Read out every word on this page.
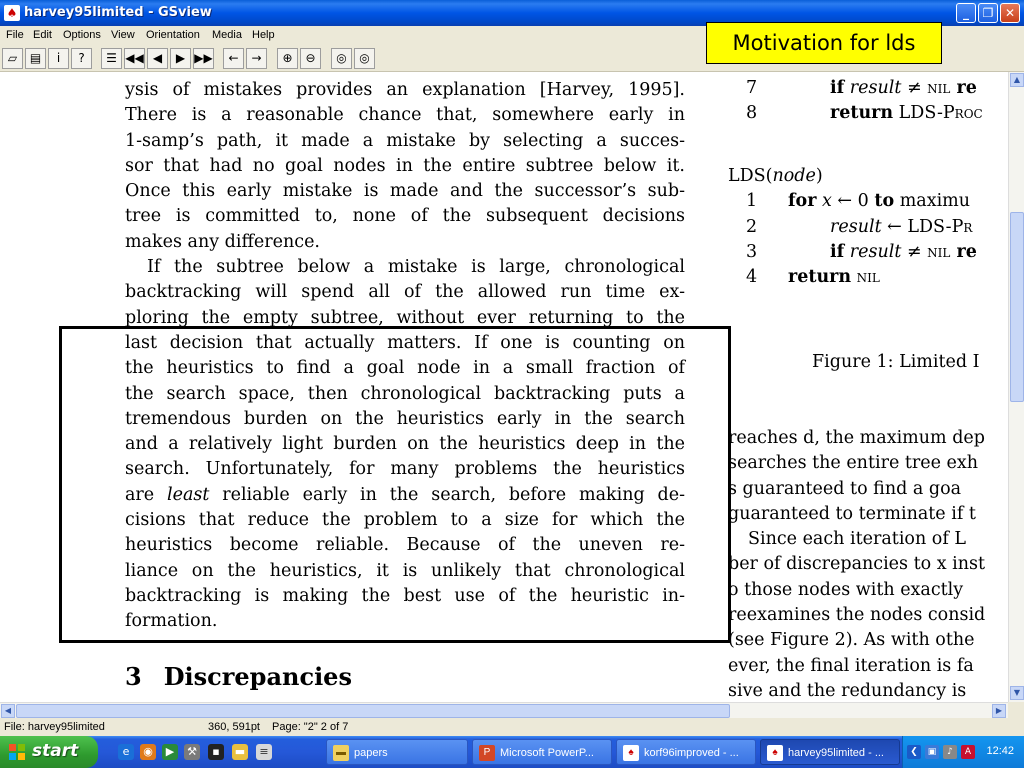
♠ harvey95limited - GSview	_	❐ ✕
File Edit Options View Orientation Media Help
▱	▤	i	?	☰ ◀◀ ◀	▶ ▶▶	←	→	⊕	⊖	◎	◎
ysis of mistakes provides an explanation [Harvey, 1995].
There is a reasonable chance that, somewhere early in
1-samp’s path, it made a mistake by selecting a succes-
sor that had no goal nodes in the entire subtree below it.
Once this early mistake is made and the successor’s sub-
tree is committed to, none of the subsequent decisions
makes any difference.
If the subtree below a mistake is large, chronological
backtracking will spend all of the allowed run time ex-
ploring the empty subtree, without ever returning to the
last decision that actually matters. If one is counting on
the heuristics to find a goal node in a small fraction of
the search space, then chronological backtracking puts a
tremendous burden on the heuristics early in the search
and a relatively light burden on the heuristics deep in the
search. Unfortunately, for many problems the heuristics
are least reliable early in the search, before making de-
cisions that reduce the problem to a size for which the
heuristics become reliable. Because of the uneven re-
liance on the heuristics, it is unlikely that chronological
backtracking is making the best use of the heuristic in-
formation.
3 Discrepancies
7	if result ≠ nil re
8	return LDS-Proc
LDS(node)
1 for x ← 0 to maximu
2	result ← LDS-Pr
3	if result ≠ nil re
4 return nil
Figure 1: Limited I
reaches d, the maximum dep
searches the entire tree exh
s guaranteed to find a goa
guaranteed to terminate if t
Since each iteration of L
ber of discrepancies to x inst
o those nodes with exactly
reexamines the nodes consid
(see Figure 2). As with othe
ever, the final iteration is fa
sive and the redundancy is
Motivation for lds
▲
▼
◀	▶
File: harvey95limited	360, 591pt Page: "2" 2 of 7
start	e	◉	▶	⚒	▪	▬	≡	▬ papers	P Microsoft PowerP...	♠ korf96improved - ...	♠ harvey95limited - ...	❮	▣	♪	A	12:42
